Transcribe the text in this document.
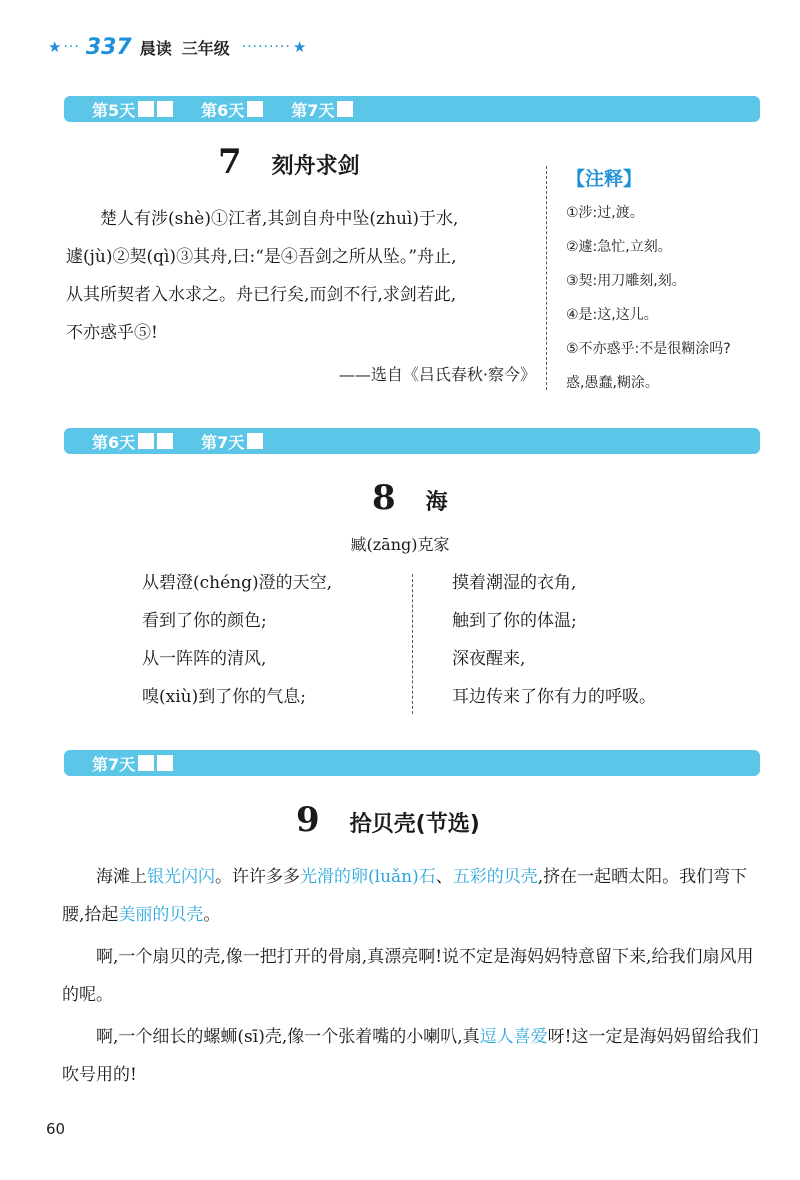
★ ··· 337 晨读 三年级 ········· ★
第5天	第6天	第7天
7 刻舟求剑

楚人有涉(shè)①江者,其剑自舟中坠(zhuì)于水,

遽(jù)②契(qì)③其舟,曰:“是④吾剑之所从坠。”舟止,

从其所契者入水求之。舟已行矣,而剑不行,求剑若此,

不亦惑乎⑤!

——选自《吕氏春秋·察今》
【注释】

①涉:过,渡。

②遽:急忙,立刻。

③契:用刀雕刻,刻。

④是:这,这儿。

⑤不亦惑乎:不是很糊涂吗?

惑,愚蠢,糊涂。

第6天	第7天
8 海
臧(zāng)克家

从碧澄(chéng)澄的天空,

看到了你的颜色;

从一阵阵的清风,

嗅(xiù)到了你的气息;

摸着潮湿的衣角,

触到了你的体温;

深夜醒来,

耳边传来了你有力的呼吸。

第7天
9 拾贝壳(节选)

海滩上银光闪闪。许许多多光滑的卵(luǎn)石、五彩的贝壳,挤在一起晒太阳。我们弯下腰,拾起美丽的贝壳。

啊,一个扇贝的壳,像一把打开的骨扇,真漂亮啊!说不定是海妈妈特意留下来,给我们扇风用的呢。

啊,一个细长的螺蛳(sī)壳,像一个张着嘴的小喇叭,真逗人喜爱呀!这一定是海妈妈留给我们吹号用的!

60
